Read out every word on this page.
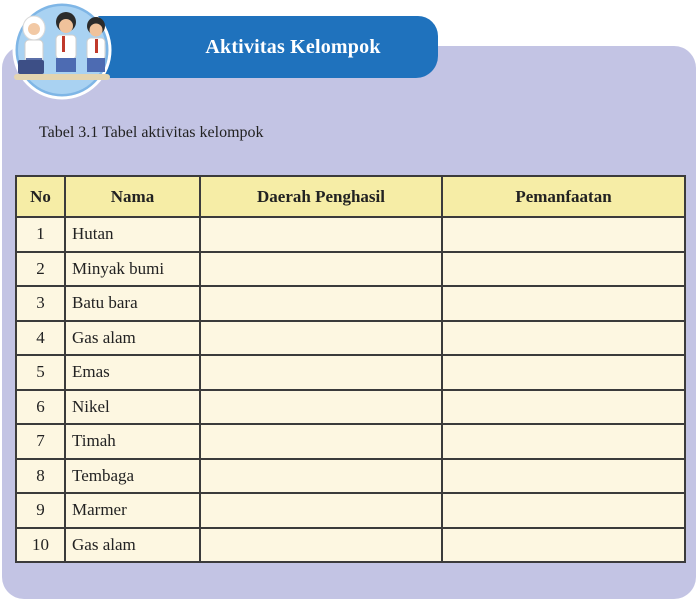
Aktivitas Kelompok
Tabel 3.1 Tabel aktivitas kelompok
No	Nama	Daerah Penghasil	Pemanfaatan
1	Hutan		
2	Minyak bumi		
3	Batu bara		
4	Gas alam		
5	Emas		
6	Nikel		
7	Timah		
8	Tembaga		
9	Marmer		
10	Gas alam		
